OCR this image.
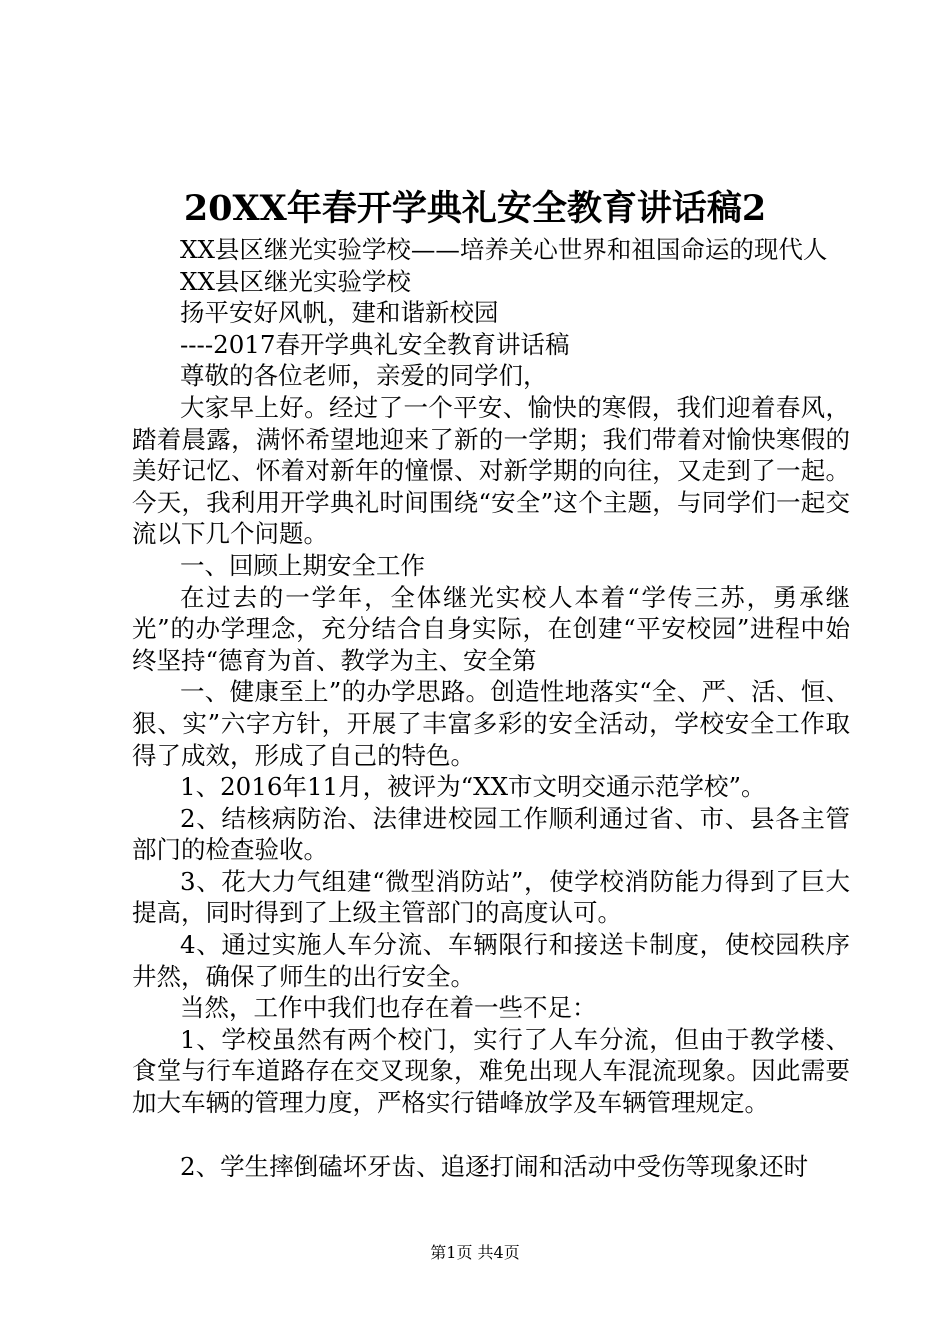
20XX年春开学典礼安全教育讲话稿2

XX县区继光实验学校——培养关心世界和祖国命运的现代人

XX县区继光实验学校

扬平安好风帆，建和谐新校园

----2017春开学典礼安全教育讲话稿

尊敬的各位老师，亲爱的同学们，

大家早上好。经过了一个平安、愉快的寒假，我们迎着春风，踏着晨露，满怀希望地迎来了新的一学期；我们带着对愉快寒假的美好记忆、怀着对新年的憧憬、对新学期的向往，又走到了一起。今天，我利用开学典礼时间围绕“安全”这个主题，与同学们一起交流以下几个问题。

一、回顾上期安全工作

在过去的一学年，全体继光实校人本着“学传三苏，勇承继光”的办学理念，充分结合自身实际，在创建“平安校园”进程中始终坚持“德育为首、教学为主、安全第

一、健康至上”的办学思路。创造性地落实“全、严、活、恒、狠、实”六字方针，开展了丰富多彩的安全活动，学校安全工作取得了成效，形成了自己的特色。

1、2016年11月，被评为“XX市文明交通示范学校”。

2、结核病防治、法律进校园工作顺利通过省、市、县各主管部门的检查验收。

3、花大力气组建“微型消防站”，使学校消防能力得到了巨大提高，同时得到了上级主管部门的高度认可。

4、通过实施人车分流、车辆限行和接送卡制度，使校园秩序井然，确保了师生的出行安全。

当然，工作中我们也存在着一些不足：

1、学校虽然有两个校门，实行了人车分流，但由于教学楼、食堂与行车道路存在交叉现象，难免出现人车混流现象。因此需要加大车辆的管理力度，严格实行错峰放学及车辆管理规定。

2、学生摔倒磕坏牙齿、追逐打闹和活动中受伤等现象还时

第1页 共4页
